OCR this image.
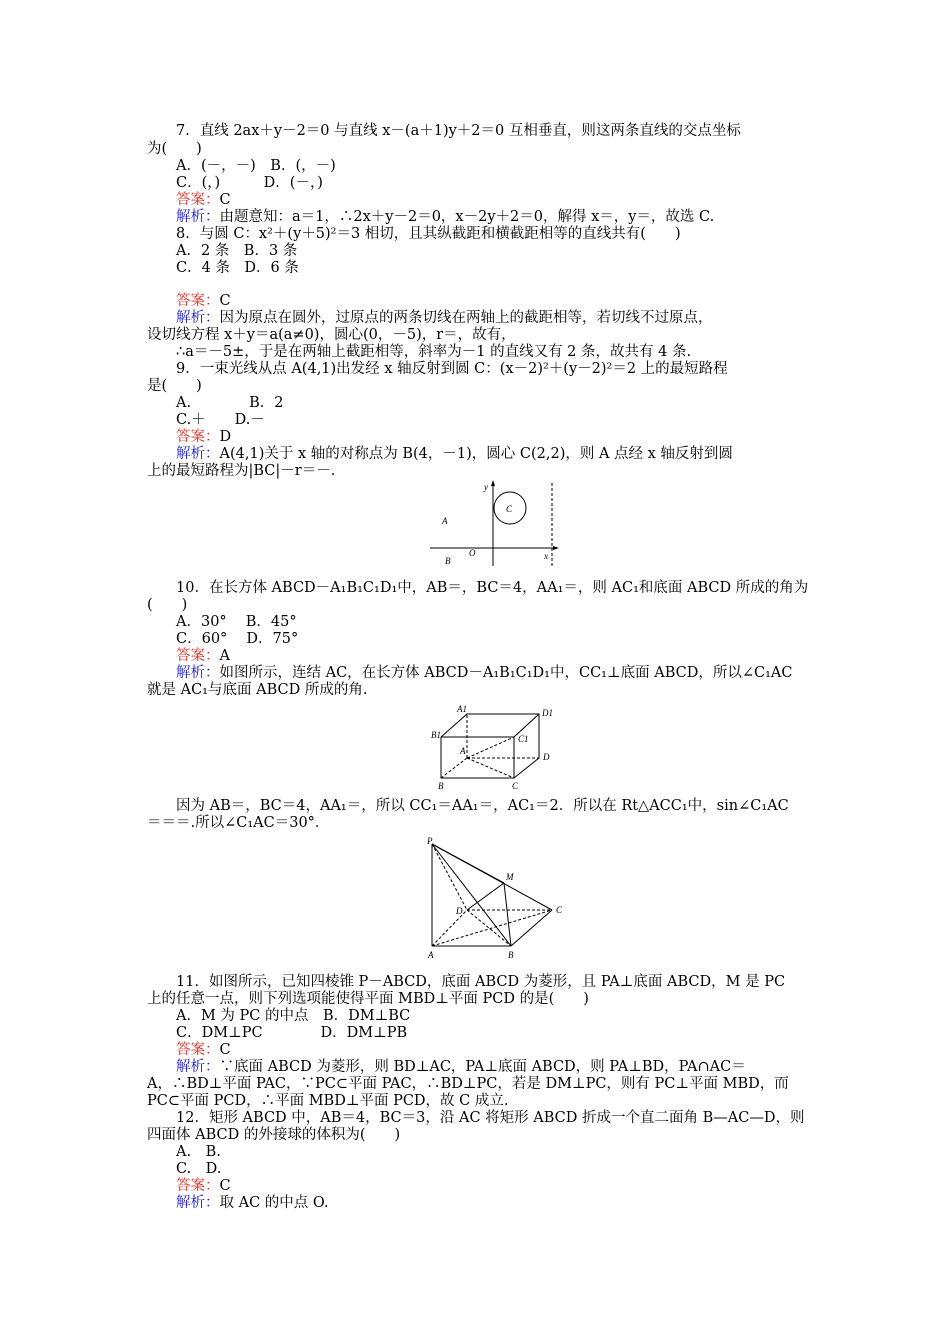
7．直线 2ax＋y－2＝0 与直线 x－(a＋1)y＋2＝0 互相垂直，则这两条直线的交点坐标
为(　　)
A．(－，－)　B．(，－)
C．(，)　　　D．(－，)
答案：C
解析：由题意知：a＝1，∴2x＋y－2＝0，x－2y＋2＝0，解得 x＝，y＝，故选 C.
8．与圆 C：x²＋(y＋5)²＝3 相切，且其纵截距和横截距相等的直线共有(　　)
A．2 条　B．3 条
C．4 条　D．6 条
答案：C
解析：因为原点在圆外，过原点的两条切线在两轴上的截距相等，若切线不过原点，
设切线方程 x＋y＝a(a≠0)，圆心(0，－5)，r＝，故有，
∴a＝－5±，于是在两轴上截距相等，斜率为－1 的直线又有 2 条，故共有 4 条.
9．一束光线从点 A(4,1)出发经 x 轴反射到圆 C：(x－2)²＋(y－2)²＝2 上的最短路程
是(　　)
A.　　　　B．2
C.＋　　D.－
答案：D
解析：A(4,1)关于 x 轴的对称点为 B(4，－1)，圆心 C(2,2)，则 A 点经 x 轴反射到圆
上的最短路程为|BC|－r＝－.
10．在长方体 ABCD－A₁B₁C₁D₁中，AB＝，BC＝4，AA₁＝，则 AC₁和底面 ABCD 所成的角为
(　　)
A．30°　 B．45°
C．60°　 D．75°
答案：A
解析：如图所示，连结 AC，在长方体 ABCD－A₁B₁C₁D₁中，CC₁⊥底面 ABCD，所以∠C₁AC
就是 AC₁与底面 ABCD 所成的角.
因为 AB＝，BC＝4，AA₁＝，所以 CC₁＝AA₁＝，AC₁＝2．所以在 Rt△ACC₁中，sin∠C₁AC
＝＝＝.所以∠C₁AC＝30°．
11．如图所示，已知四棱锥 P－ABCD，底面 ABCD 为菱形，且 PA⊥底面 ABCD，M 是 PC
上的任意一点，则下列选项能使得平面 MBD⊥平面 PCD 的是(　　)
A．M 为 PC 的中点　B．DM⊥BC
C．DM⊥PC　　　　D．DM⊥PB
答案：C
解析：∵底面 ABCD 为菱形，则 BD⊥AC，PA⊥底面 ABCD，则 PA⊥BD，PA∩AC＝
A，∴BD⊥平面 PAC，∵PC⊂平面 PAC，∴BD⊥PC，若是 DM⊥PC，则有 PC⊥平面 MBD，而
PC⊂平面 PCD，∴平面 MBD⊥平面 PCD，故 C 成立.
12．矩形 ABCD 中，AB＝4，BC＝3，沿 AC 将矩形 ABCD 折成一个直二面角 B—AC—D，则
四面体 ABCD 的外接球的体积为(　　)
A.　B.
C.　D.
答案：C
解析：取 AC 的中点 O.
y
C
A
O
B	x
A1	D1
B1	C1
A
D
B	C
P
M
D	C
A	B
